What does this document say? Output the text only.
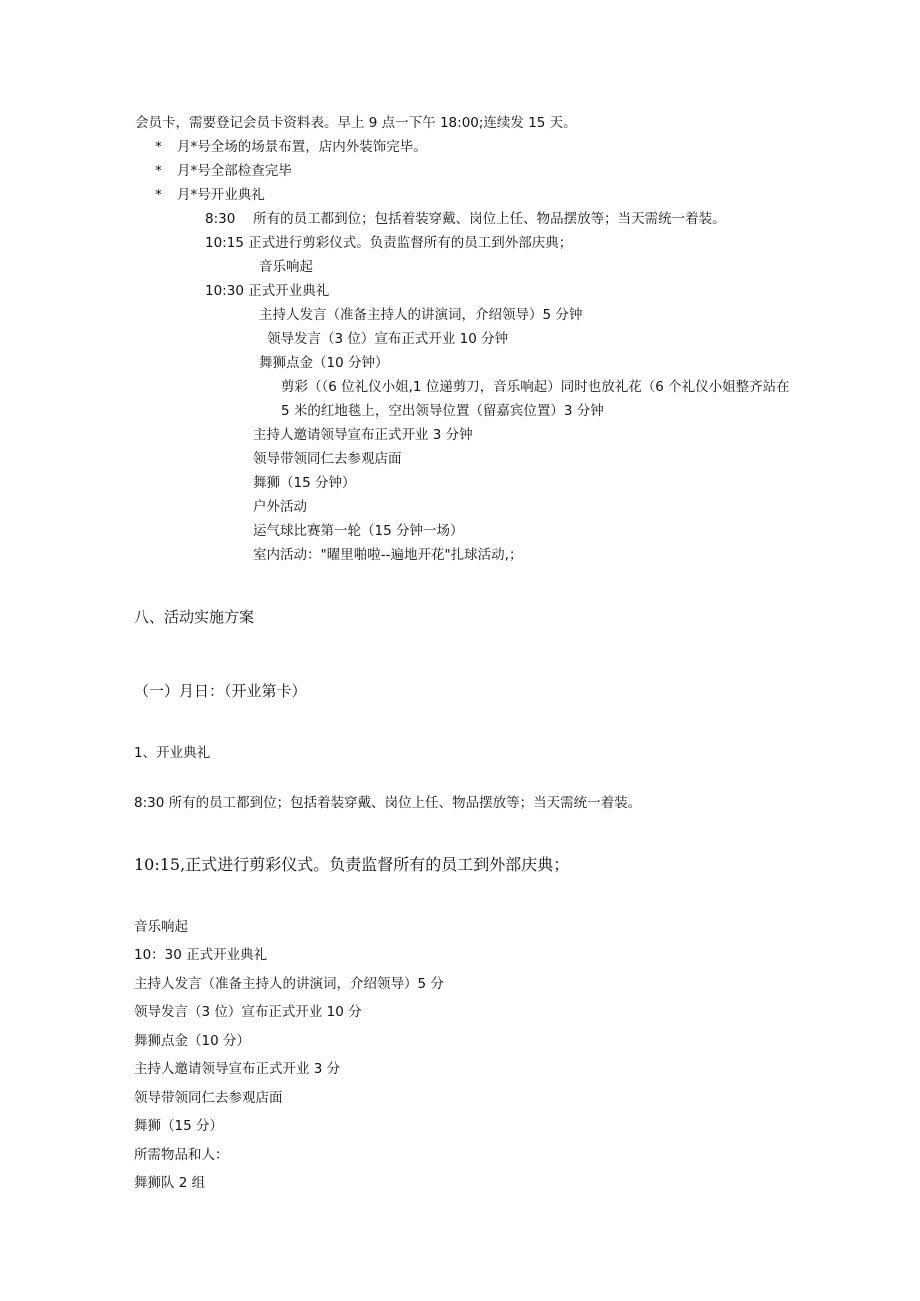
会员卡，需要登记会员卡资料表。早上 9 点一下午 18:00;连续发 15 天。
* 月*号全场的场景布置，店内外装饰完毕。
* 月*号全部检查完毕
* 月*号开业典礼
8:30　 所有的员工都到位；包括着装穿戴、岗位上任、物品摆放等；当天需统一着装。
10:15 正式进行剪彩仪式。负责监督所有的员工到外部庆典；
音乐响起
10:30 正式开业典礼
主持人发言（准备主持人的讲演词，介绍领导）5 分钟
领导发言（3 位）宣布正式开业 10 分钟
舞狮点金（10 分钟）
剪彩（（6 位礼仪小姐,1 位递剪刀，音乐响起）同时也放礼花（6 个礼仪小姐整齐站在
5 米的红地毯上，空出领导位置（留嘉宾位置）3 分钟
主持人邀请领导宣布正式开业 3 分钟
领导带领同仁去参观店面
舞狮（15 分钟）
户外活动
运气球比赛第一轮（15 分钟一场）
室内活动："曜里啪啦--遍地开花"扎球活动,；
八、活动实施方案
（一）月日：（开业第卡）
1、开业典礼
8:30 所有的员工都到位；包括着装穿戴、岗位上任、物品摆放等；当天需统一着装。
10:15,正式进行剪彩仪式。负责监督所有的员工到外部庆典；
音乐响起
10：30 正式开业典礼
主持人发言（准备主持人的讲演词，介绍领导）5 分
领导发言（3 位）宣布正式开业 10 分
舞狮点金（10 分）
主持人邀请领导宣布正式开业 3 分
领导带领同仁去参观店面
舞狮（15 分）
所需物品和人：
舞狮队 2 组
